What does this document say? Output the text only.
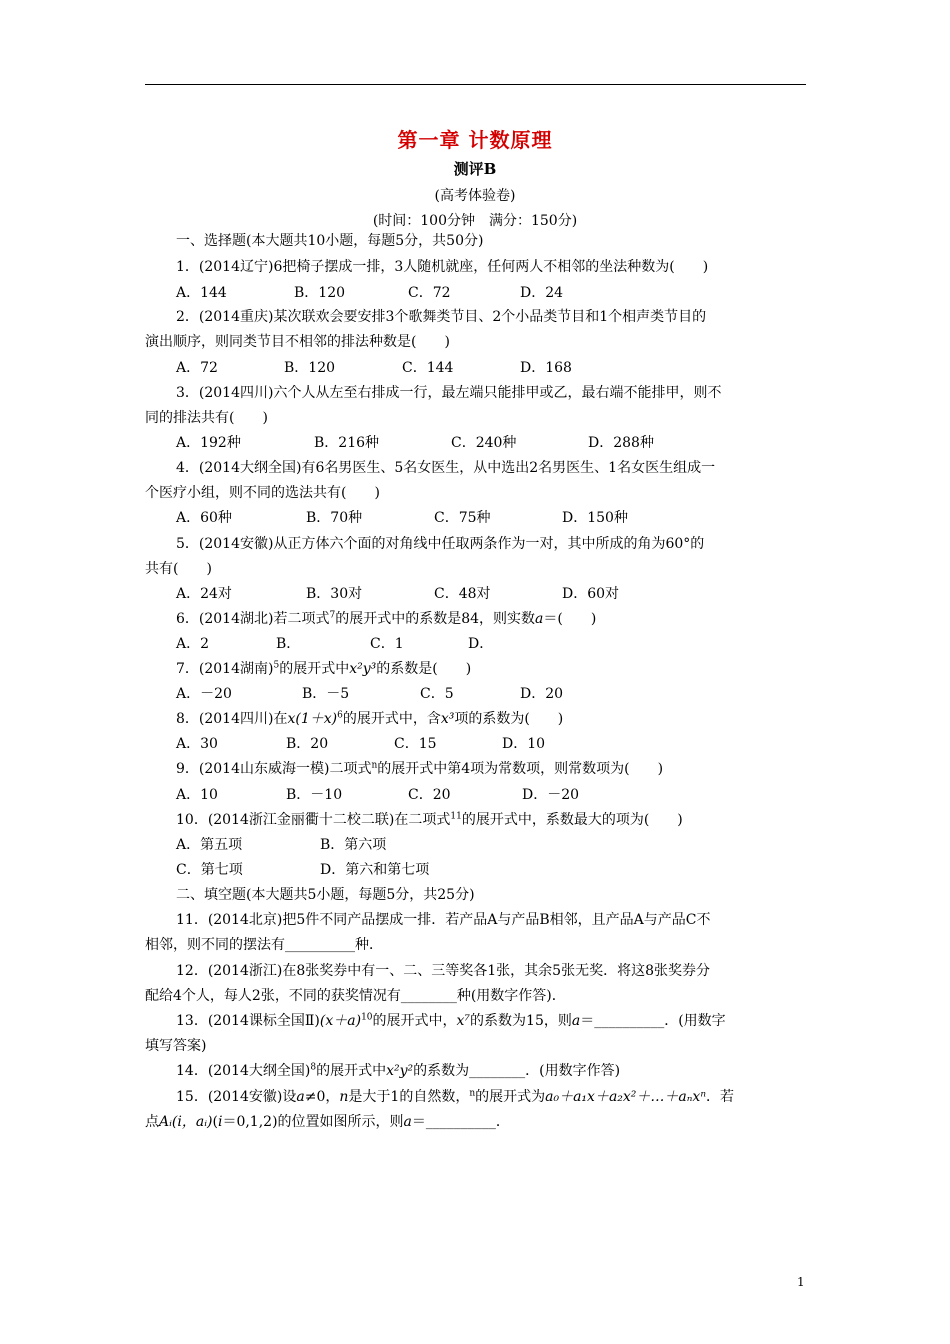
第一章 计数原理
测评B
(高考体验卷)
(时间：100分钟　满分：150分)
一、选择题(本大题共10小题，每题5分，共50分)
1．(2014辽宁)6把椅子摆成一排，3人随机就座，任何两人不相邻的坐法种数为(　　)
A．144	B．120	C．72	D．24
2．(2014重庆)某次联欢会要安排3个歌舞类节目、2个小品类节目和1个相声类节目的
演出顺序，则同类节目不相邻的排法种数是(　　)
A．72	B．120	C．144	D．168
3．(2014四川)六个人从左至右排成一行，最左端只能排甲或乙，最右端不能排甲，则不
同的排法共有(　　)
A．192种	B．216种	C．240种	D．288种
4．(2014大纲全国)有6名男医生、5名女医生，从中选出2名男医生、1名女医生组成一
个医疗小组，则不同的选法共有(　　)
A．60种	B．70种	C．75种	D．150种
5．(2014安徽)从正方体六个面的对角线中任取两条作为一对，其中所成的角为60°的
共有(　　)
A．24对	B．30对	C．48对	D．60对
6．(2014湖北)若二项式$^7$的展开式中的系数是84，则实数a＝(　　)
A．2	B．	C．1	D．
7．(2014湖南)$^5$的展开式中x²y³的系数是(　　)
A．－20	B．－5	C．5	D．20
8．(2014四川)在$x(1+x)^6$的展开式中，含x³项的系数为(　　)
A．30	B．20	C．15	D．10
9．(2014山东威海一模)二项式$^n$的展开式中第4项为常数项，则常数项为(　　)
A．10	B．－10	C．20	D．－20
10．(2014浙江金丽衢十二校二联)在二项式$^{11}$的展开式中，系数最大的项为(　　)
A．第五项	B．第六项
C．第七项	D．第六和第七项
二、填空题(本大题共5小题，每题5分，共25分)
11．(2014北京)把5件不同产品摆成一排．若产品A与产品B相邻，且产品A与产品C不
相邻，则不同的摆法有__________种．
12．(2014浙江)在8张奖券中有一、二、三等奖各1张，其余5张无奖．将这8张奖券分
配给4个人，每人2张，不同的获奖情况有________种(用数字作答)．
13．(2014课标全国$Ⅱ)(x+a)^{10}$的展开式中，x⁷的系数为15，则a＝__________．(用数字
填写答案)
14．(2014大纲全国)$^8$的展开式中x²y²的系数为________．(用数字作答)
15．(2014安徽)设a≠0，n是大于1的自然数，$^n$的展开式为a₀＋a₁x＋a₂x²＋…＋aₙxⁿ．若
点Aᵢ(i，aᵢ)(i＝0,1,2)的位置如图所示，则a＝__________．
1
